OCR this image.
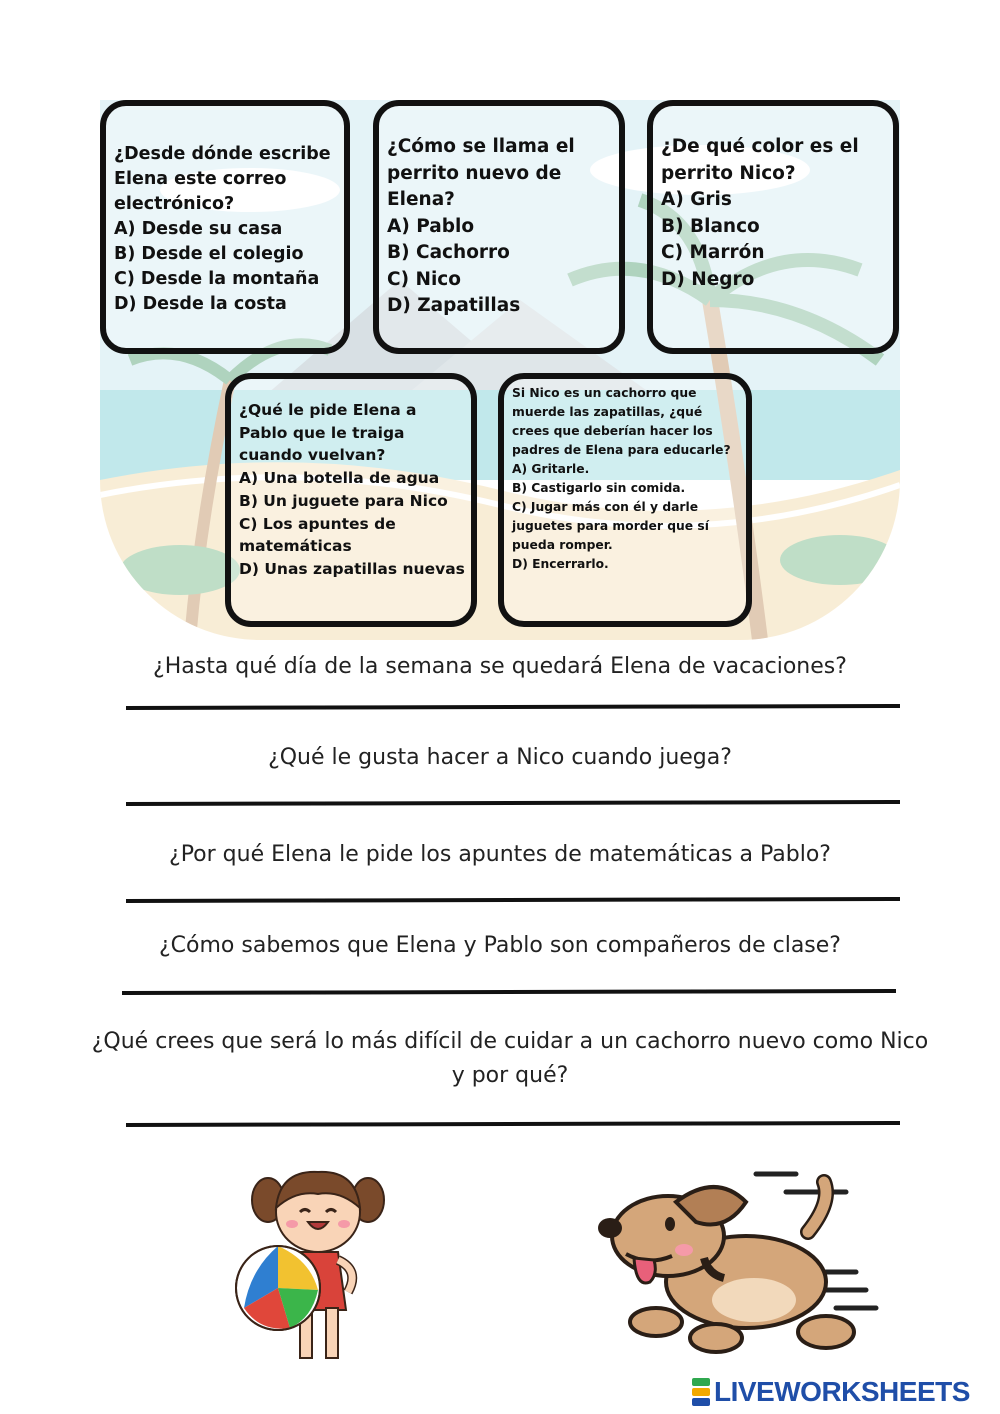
¿Desde dónde escribe Elena este correo electrónico?

A) Desde su casa

B) Desde el colegio

C) Desde la montaña

D) Desde la costa

¿Cómo se llama el perrito nuevo de Elena?

A) Pablo

B) Cachorro

C) Nico

D) Zapatillas

¿De qué color es el perrito Nico?

A) Gris

B) Blanco

C) Marrón

D) Negro

¿Qué le pide Elena a Pablo que le traiga cuando vuelvan?

A) Una botella de agua

B) Un juguete para Nico

C) Los apuntes de matemáticas

D) Unas zapatillas nuevas

Si Nico es un cachorro que muerde las zapatillas, ¿qué crees que deberían hacer los padres de Elena para educarle?

A) Gritarle.

B) Castigarlo sin comida.

C) Jugar más con él y darle juguetes para morder que sí pueda romper.

D) Encerrarlo.

¿Hasta qué día de la semana se quedará Elena de vacaciones?
¿Qué le gusta hacer a Nico cuando juega?
¿Por qué Elena le pide los apuntes de matemáticas a Pablo?
¿Cómo sabemos que Elena y Pablo son compañeros de clase?
¿Qué crees que será lo más difícil de cuidar a un cachorro nuevo como Nico y por qué?
LIVEWORKSHEETS
